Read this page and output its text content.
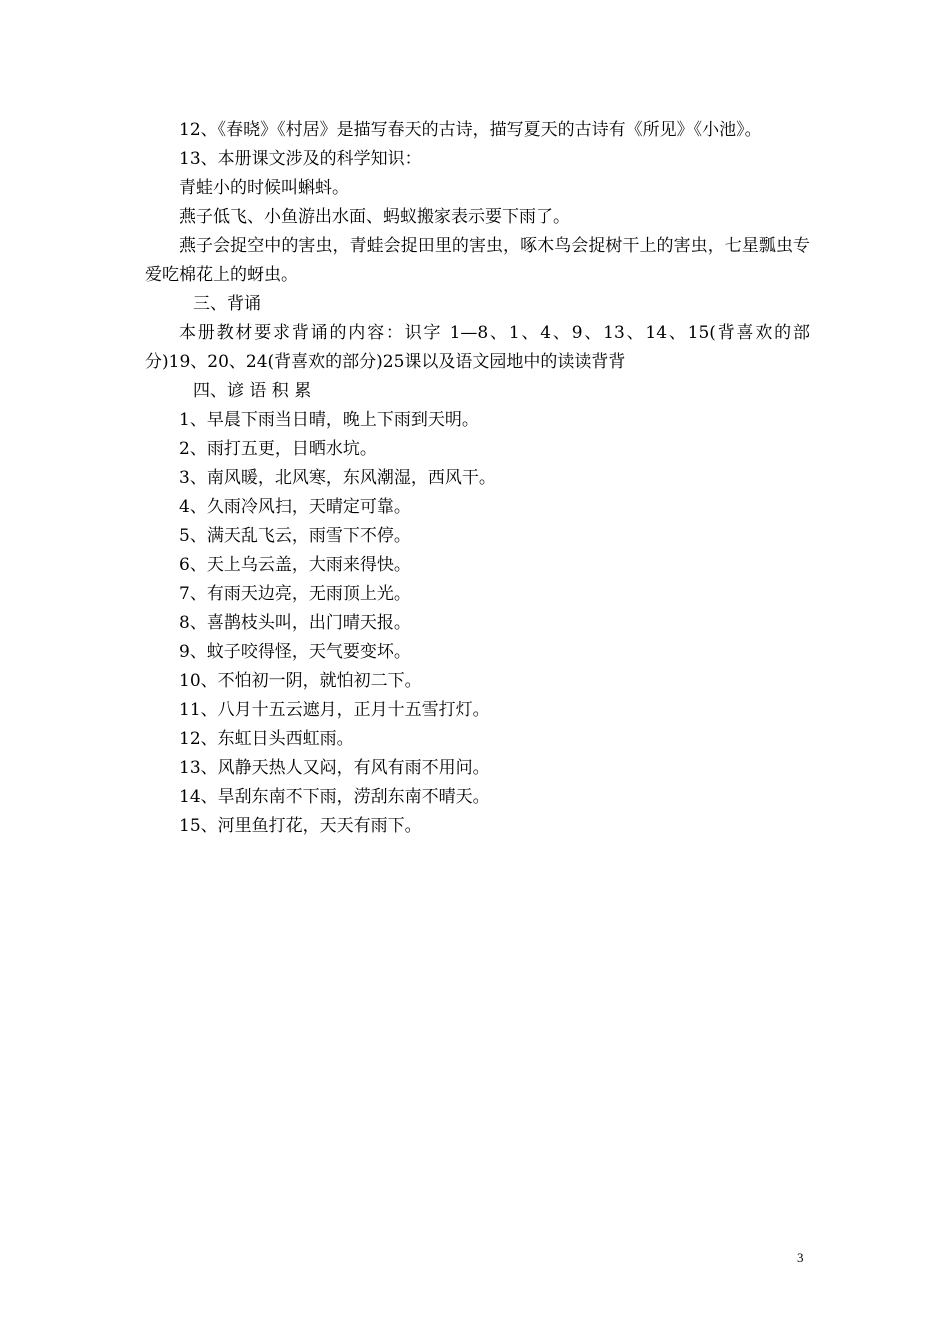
12、《春晓》《村居》是描写春天的古诗，描写夏天的古诗有《所见》《小池》。

13、本册课文涉及的科学知识：

青蛙小的时候叫蝌蚪。

燕子低飞、小鱼游出水面、蚂蚁搬家表示要下雨了。

燕子会捉空中的害虫，青蛙会捉田里的害虫，啄木鸟会捉树干上的害虫，七星瓢虫专爱吃棉花上的蚜虫。

三、背诵

本册教材要求背诵的内容：识字 1—8、1、4、9、13、14、15(背喜欢的部分)19、20、24(背喜欢的部分)25课以及语文园地中的读读背背

四、谚 语 积 累

1、早晨下雨当日晴，晚上下雨到天明。

2、雨打五更，日晒水坑。

3、南风暖，北风寒，东风潮湿，西风干。

4、久雨冷风扫，天晴定可靠。

5、满天乱飞云，雨雪下不停。

6、天上乌云盖，大雨来得快。

7、有雨天边亮，无雨顶上光。

8、喜鹊枝头叫，出门晴天报。

9、蚊子咬得怪，天气要变坏。

10、不怕初一阴，就怕初二下。

11、八月十五云遮月，正月十五雪打灯。

12、东虹日头西虹雨。

13、风静天热人又闷，有风有雨不用问。

14、旱刮东南不下雨，涝刮东南不晴天。

15、河里鱼打花，天天有雨下。

3
